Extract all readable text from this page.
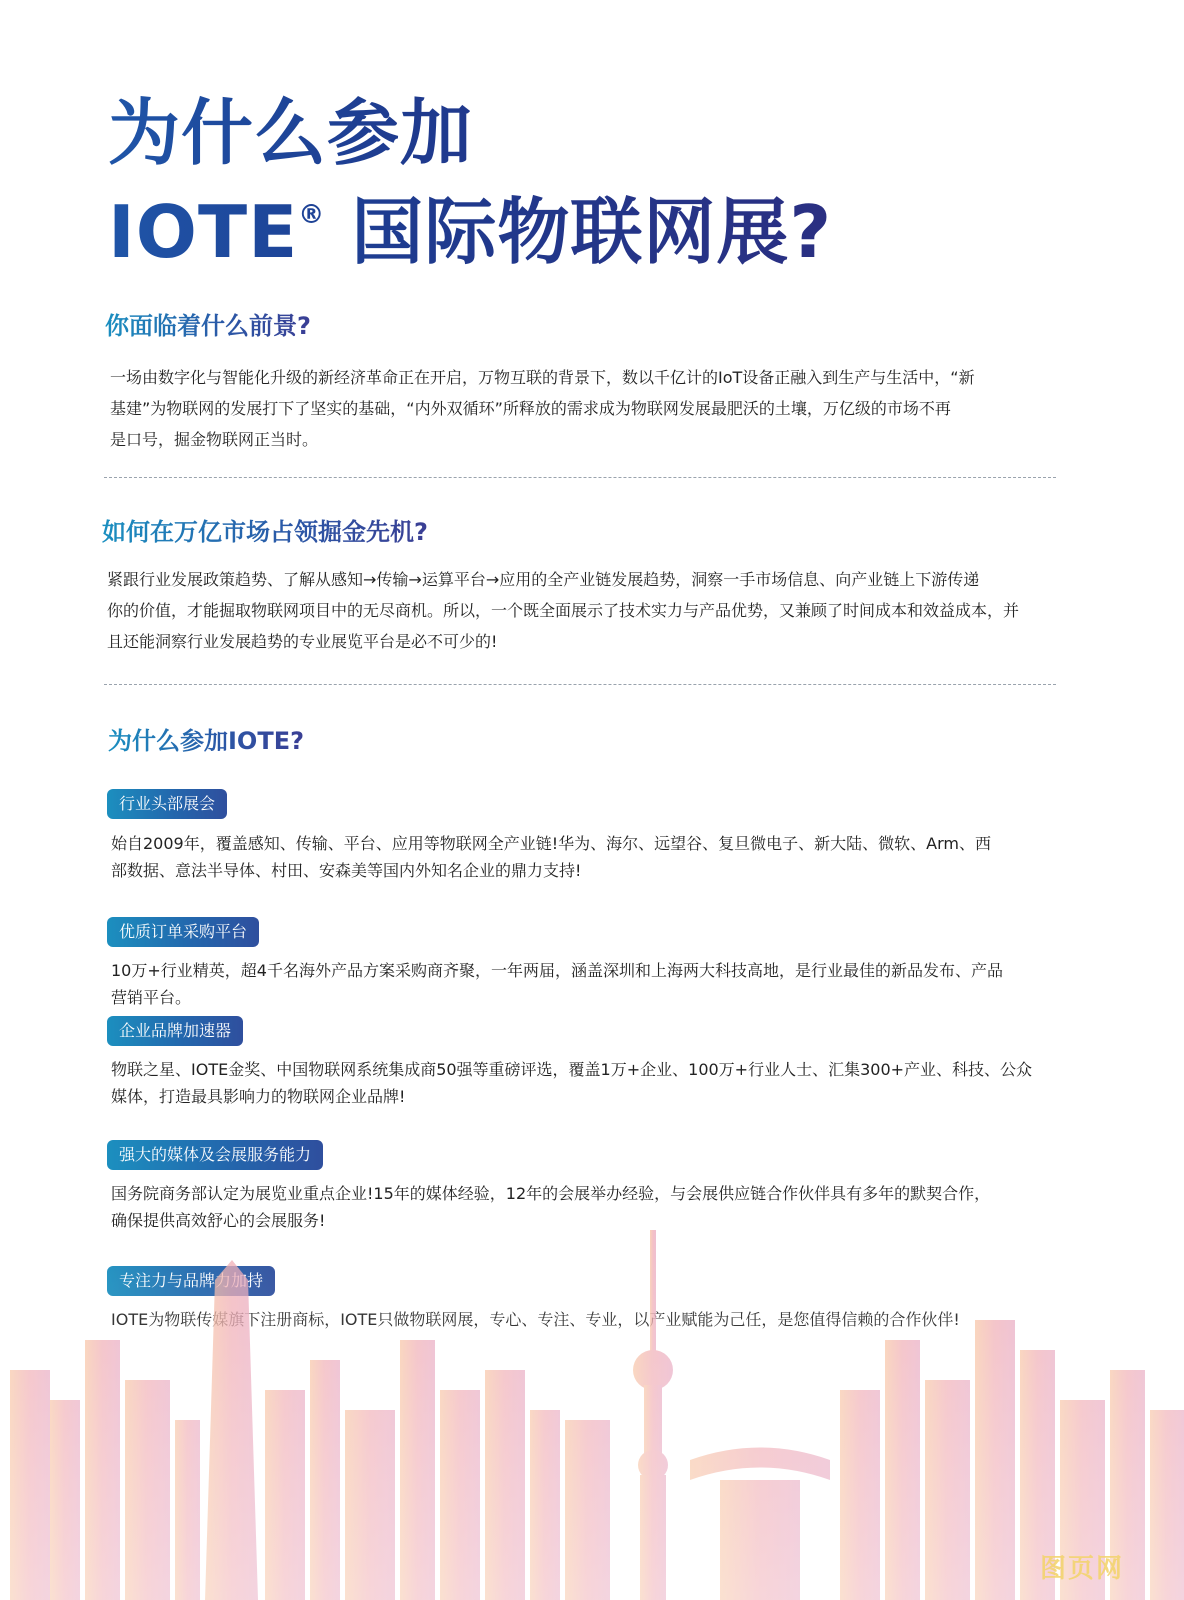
为什么参加
IOTE® 国际物联网展?
你面临着什么前景?
一场由数字化与智能化升级的新经济革命正在开启，万物互联的背景下，数以千亿计的IoT设备正融入到生产与生活中，“新
基建”为物联网的发展打下了坚实的基础，“内外双循环”所释放的需求成为物联网发展最肥沃的土壤，万亿级的市场不再
是口号，掘金物联网正当时。
如何在万亿市场占领掘金先机?
紧跟行业发展政策趋势、了解从感知→传输→运算平台→应用的全产业链发展趋势，洞察一手市场信息、向产业链上下游传递
你的价值，才能掘取物联网项目中的无尽商机。所以，一个既全面展示了技术实力与产品优势，又兼顾了时间成本和效益成本，并
且还能洞察行业发展趋势的专业展览平台是必不可少的!
为什么参加IOTE?
行业头部展会
始自2009年，覆盖感知、传输、平台、应用等物联网全产业链!华为、海尔、远望谷、复旦微电子、新大陆、微软、Arm、西
部数据、意法半导体、村田、安森美等国内外知名企业的鼎力支持!
优质订单采购平台
10万+行业精英，超4千名海外产品方案采购商齐聚，一年两届，涵盖深圳和上海两大科技高地，是行业最佳的新品发布、产品
营销平台。
企业品牌加速器
物联之星、IOTE金奖、中国物联网系统集成商50强等重磅评选，覆盖1万+企业、100万+行业人士、汇集300+产业、科技、公众
媒体，打造最具影响力的物联网企业品牌!
强大的媒体及会展服务能力
国务院商务部认定为展览业重点企业!15年的媒体经验，12年的会展举办经验，与会展供应链合作伙伴具有多年的默契合作，
图页网
